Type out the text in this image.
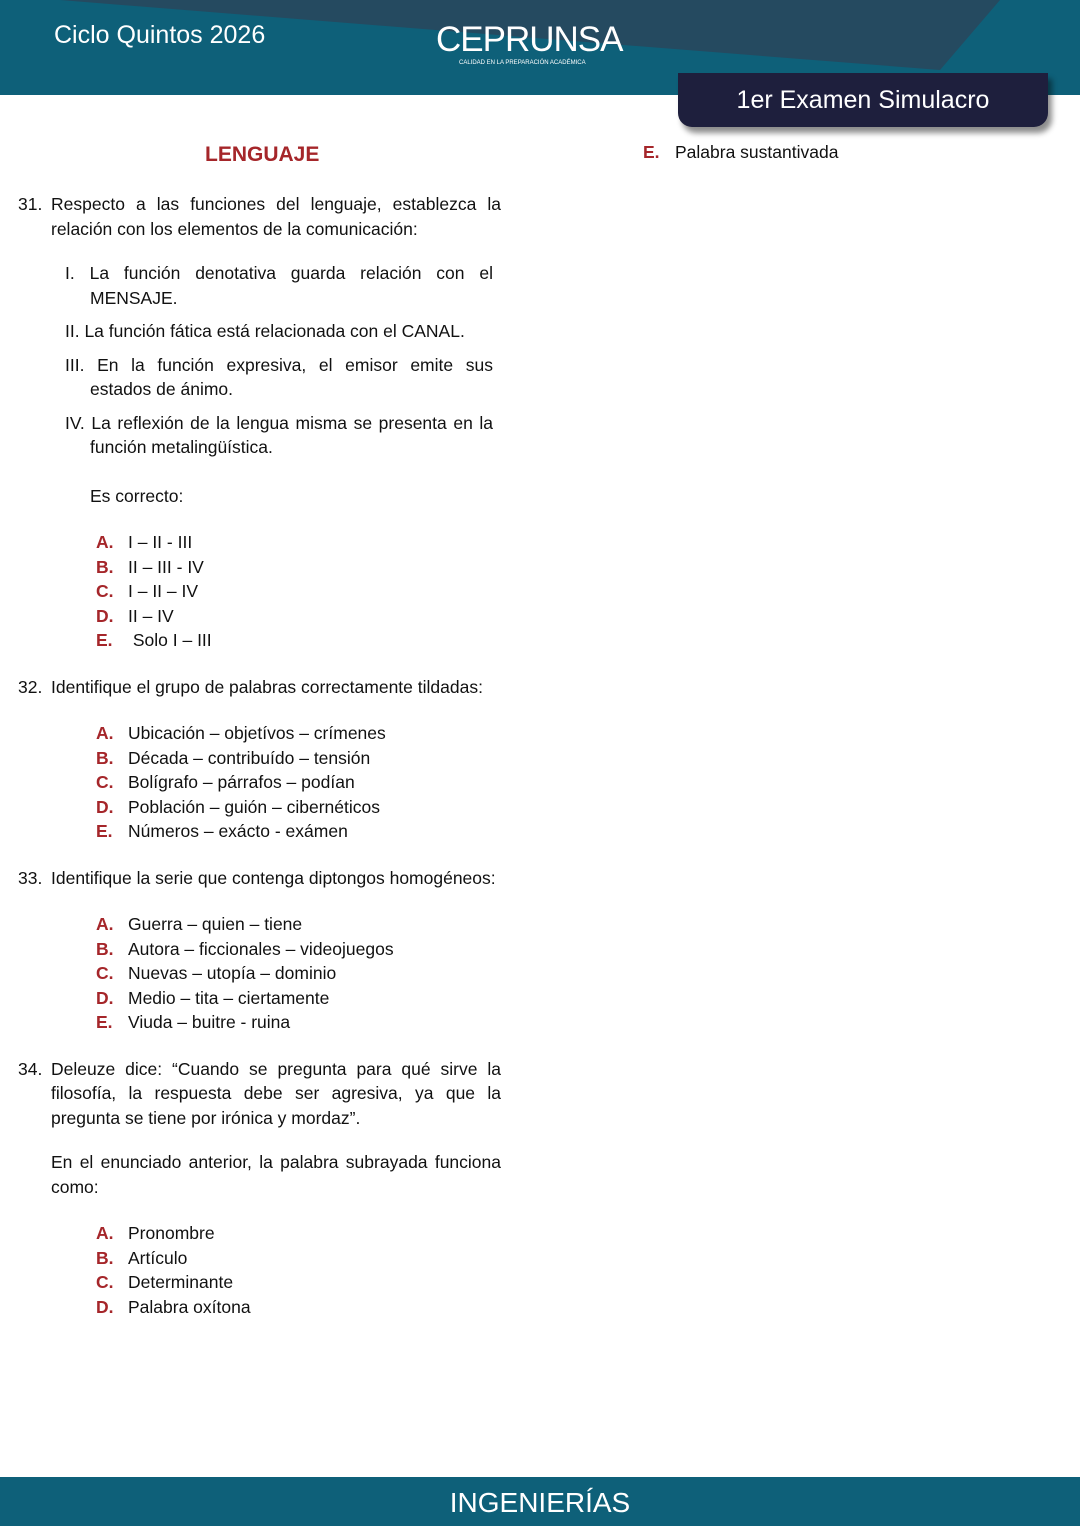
Ciclo Quintos 2026	CEPRUNSA
CALIDAD EN LA PREPARACIÓN ACADÉMICA
1er Examen Simulacro
LENGUAJE
31. Respecto a las funciones del lenguaje, establezca la relación con los elementos de la comunicación:
I. La función denotativa guarda relación con el MENSAJE.
II. La función fática está relacionada con el CANAL.
III. En la función expresiva, el emisor emite sus estados de ánimo.
IV. La reflexión de la lengua misma se presenta en la función metalingüística.
Es correcto:
A. I – II - III
B. II – III - IV
C. I – II – IV
D. II – IV
E. Solo I – III
32. Identifique el grupo de palabras correctamente tildadas:
A. Ubicación – objetívos – crímenes
B. Década – contribuído – tensión
C. Bolígrafo – párrafos – podían
D. Población – guión – cibernéticos
E. Números – exácto - exámen
33. Identifique la serie que contenga diptongos homogéneos:
A. Guerra – quien – tiene
B. Autora – ficcionales – videojuegos
C. Nuevas – utopía – dominio
D. Medio – tita – ciertamente
E. Viuda – buitre - ruina
34. Deleuze dice: “Cuando se pregunta para qué sirve la filosofía, la respuesta debe ser agresiva, ya que la pregunta se tiene por irónica y mordaz”.
En el enunciado anterior, la palabra subrayada funciona como:
A. Pronombre
B. Artículo
C. Determinante
D. Palabra oxítona
E. Palabra sustantivada
INGENIERÍAS
